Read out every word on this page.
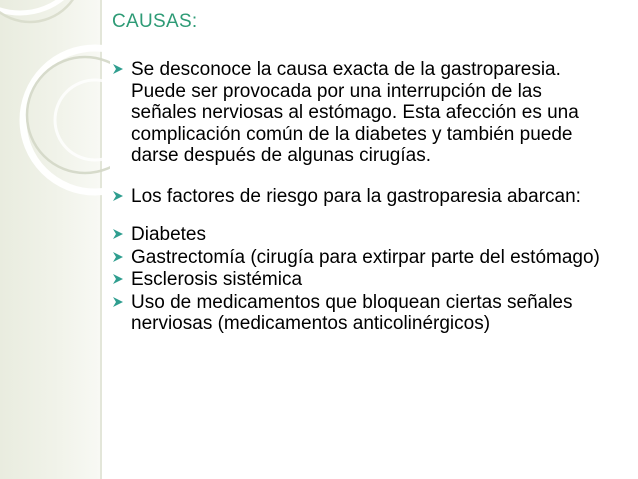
CAUSAS:
Se desconoce la causa exacta de la gastroparesia. Puede ser provocada por una interrupción de las señales nerviosas al estómago. Esta afección es una complicación común de la diabetes y también puede darse después de algunas cirugías.
Los factores de riesgo para la gastroparesia abarcan:
Diabetes
Gastrectomía (cirugía para extirpar parte del estómago)
Esclerosis sistémica
Uso de medicamentos que bloquean ciertas señales nerviosas (medicamentos anticolinérgicos)
